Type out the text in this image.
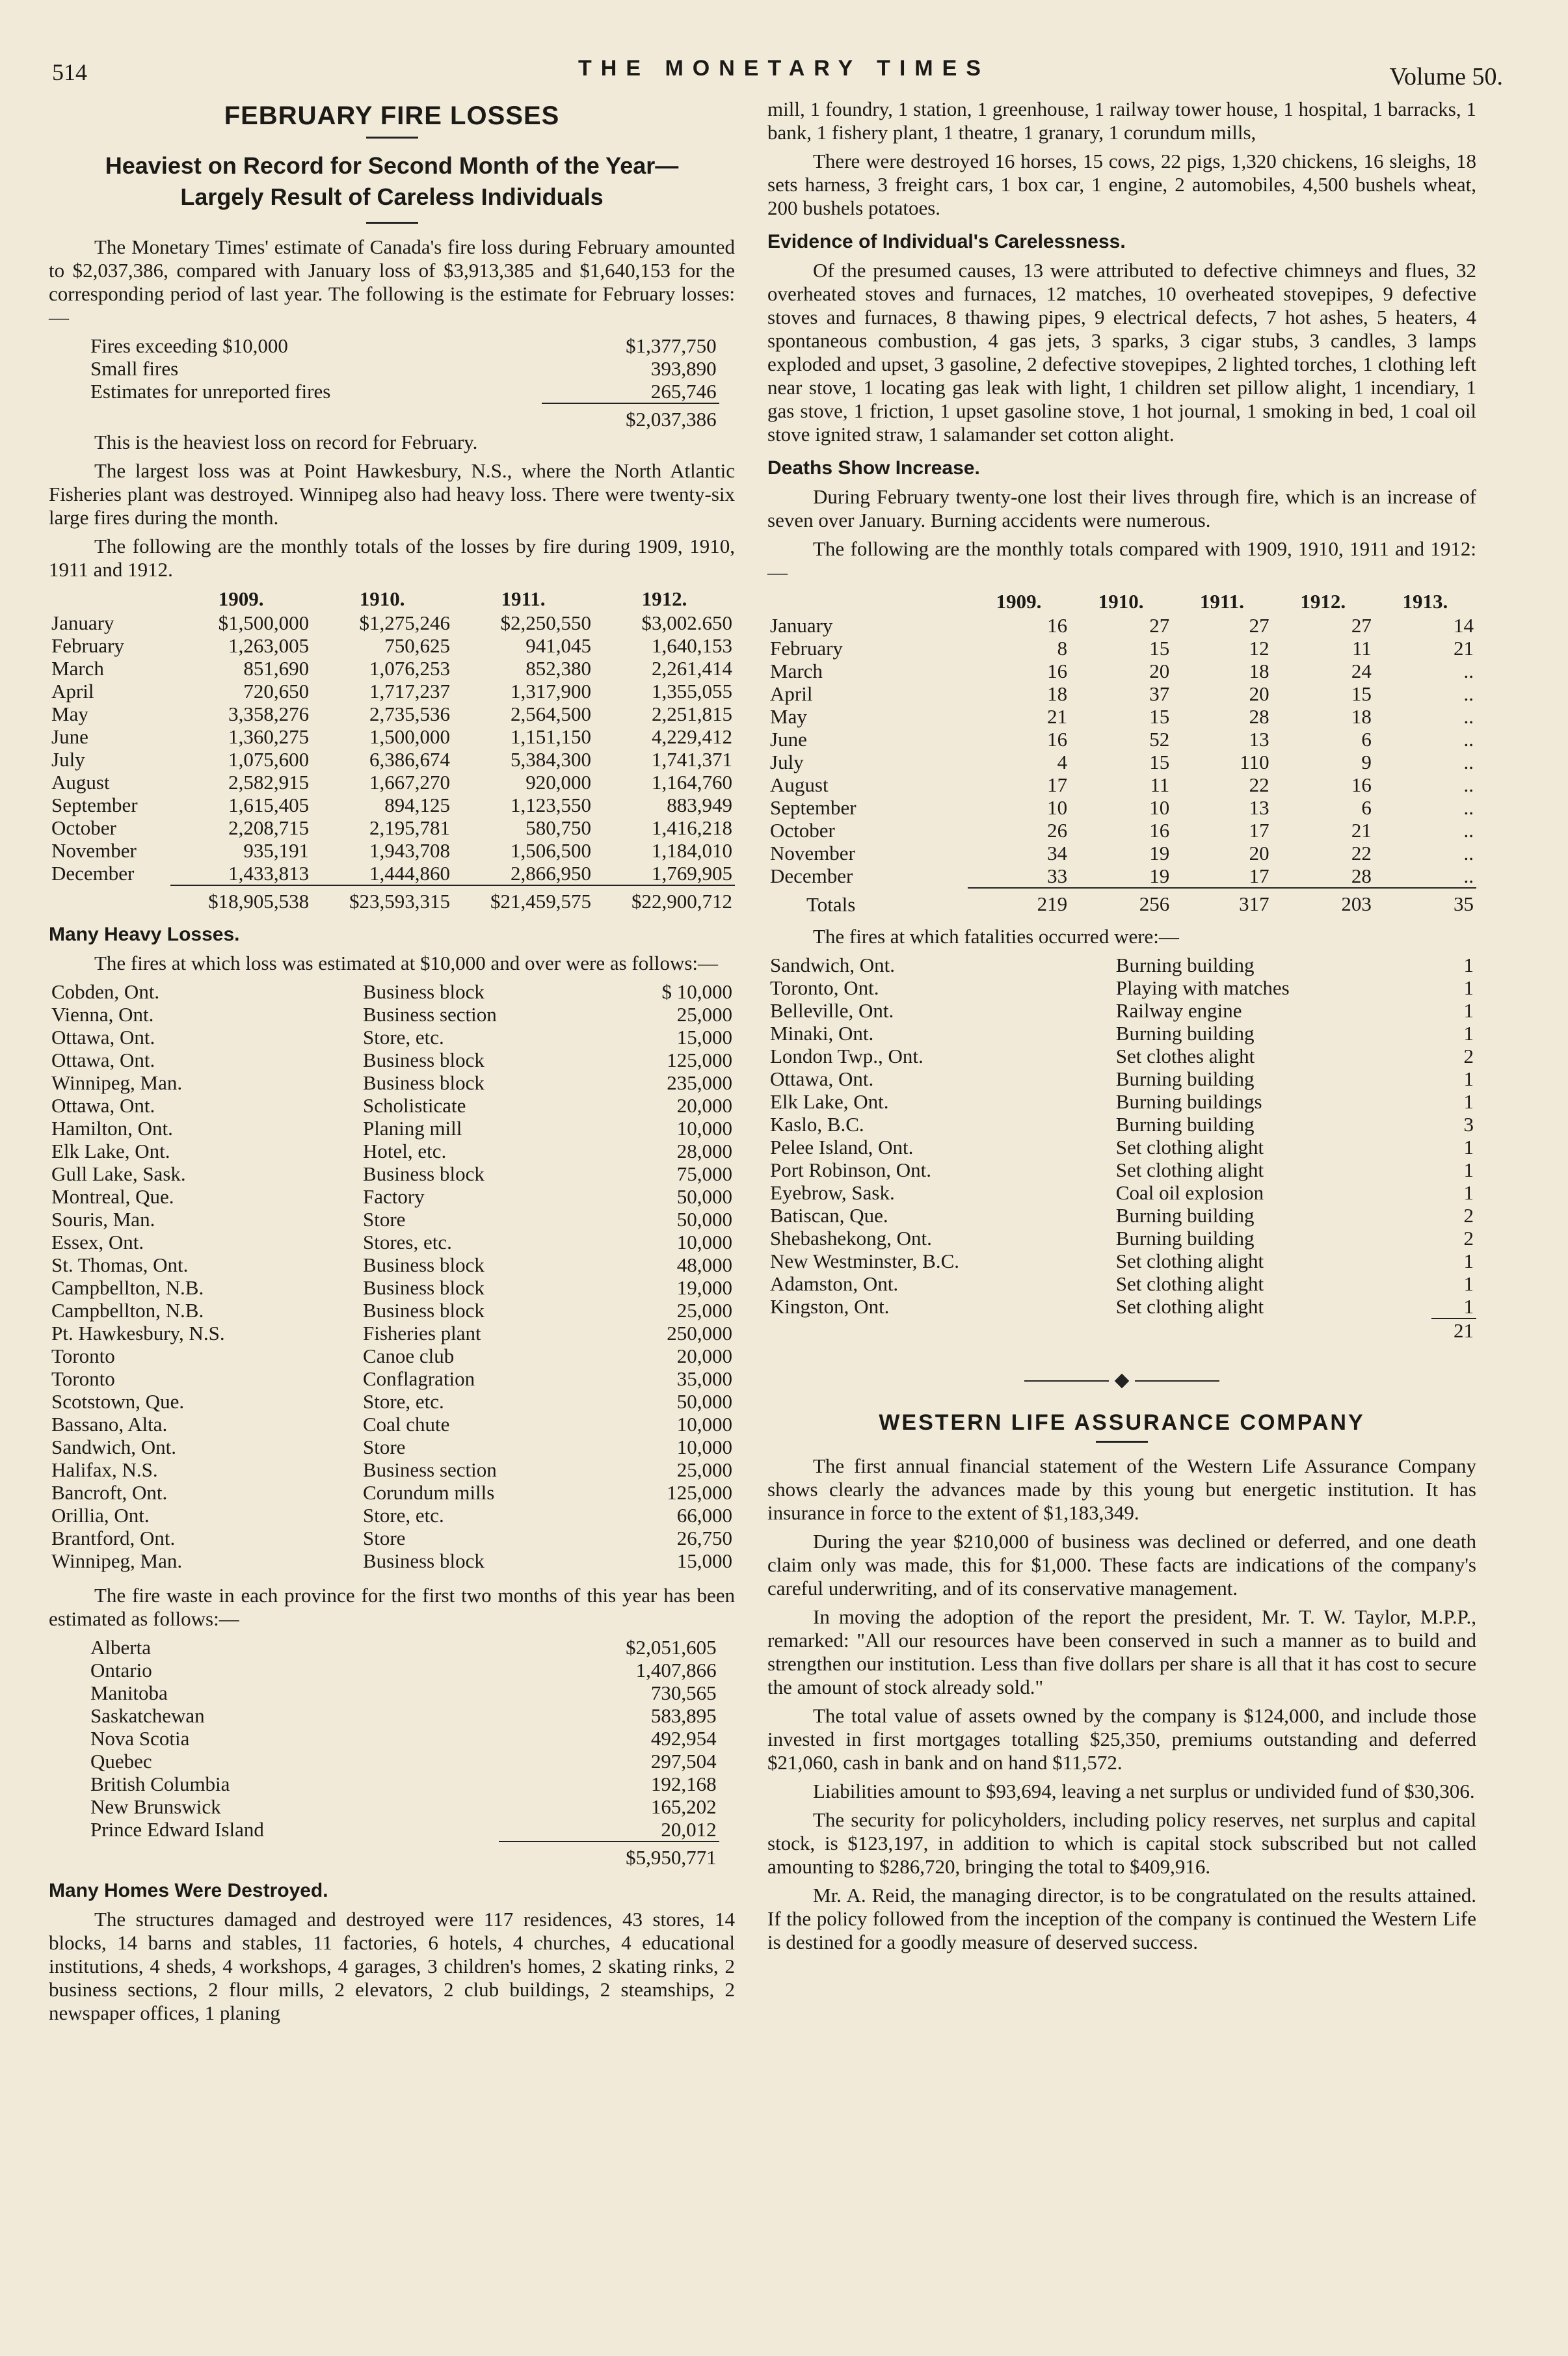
514	THE MONETARY TIMES	Volume 50.
FEBRUARY FIRE LOSSES
Heaviest on Record for Second Month of the Year—
Largely Result of Careless Individuals

The Monetary Times' estimate of Canada's fire loss during February amounted to $2,037,386, compared with January loss of $3,913,385 and $1,640,153 for the corresponding period of last year. The following is the estimate for February losses:—

Fires exceeding $10,000	$1,377,750
Small fires	393,890
Estimates for unreported fires	265,746
	$2,037,386

This is the heaviest loss on record for February.

The largest loss was at Point Hawkesbury, N.S., where the North Atlantic Fisheries plant was destroyed. Winnipeg also had heavy loss. There were twenty-six large fires during the month.

The following are the monthly totals of the losses by fire during 1909, 1910, 1911 and 1912.

	1909.	1910.	1911.	1912.
January	$1,500,000	$1,275,246	$2,250,550	$3,002.650
February	1,263,005	750,625	941,045	1,640,153
March	851,690	1,076,253	852,380	2,261,414
April	720,650	1,717,237	1,317,900	1,355,055
May	3,358,276	2,735,536	2,564,500	2,251,815
June	1,360,275	1,500,000	1,151,150	4,229,412
July	1,075,600	6,386,674	5,384,300	1,741,371
August	2,582,915	1,667,270	920,000	1,164,760
September	1,615,405	894,125	1,123,550	883,949
October	2,208,715	2,195,781	580,750	1,416,218
November	935,191	1,943,708	1,506,500	1,184,010
December	1,433,813	1,444,860	2,866,950	1,769,905
	$18,905,538	$23,593,315	$21,459,575	$22,900,712
Many Heavy Losses.

The fires at which loss was estimated at $10,000 and over were as follows:—

Cobden, Ont.	Business block	$ 10,000
Vienna, Ont.	Business section	25,000
Ottawa, Ont.	Store, etc.	15,000
Ottawa, Ont.	Business block	125,000
Winnipeg, Man.	Business block	235,000
Ottawa, Ont.	Scholisticate	20,000
Hamilton, Ont.	Planing mill	10,000
Elk Lake, Ont.	Hotel, etc.	28,000
Gull Lake, Sask.	Business block	75,000
Montreal, Que.	Factory	50,000
Souris, Man.	Store	50,000
Essex, Ont.	Stores, etc.	10,000
St. Thomas, Ont.	Business block	48,000
Campbellton, N.B.	Business block	19,000
Campbellton, N.B.	Business block	25,000
Pt. Hawkesbury, N.S.	Fisheries plant	250,000
Toronto	Canoe club	20,000
Toronto	Conflagration	35,000
Scotstown, Que.	Store, etc.	50,000
Bassano, Alta.	Coal chute	10,000
Sandwich, Ont.	Store	10,000
Halifax, N.S.	Business section	25,000
Bancroft, Ont.	Corundum mills	125,000
Orillia, Ont.	Store, etc.	66,000
Brantford, Ont.	Store	26,750
Winnipeg, Man.	Business block	15,000

The fire waste in each province for the first two months of this year has been estimated as follows:—

Alberta	$2,051,605
Ontario	1,407,866
Manitoba	730,565
Saskatchewan	583,895
Nova Scotia	492,954
Quebec	297,504
British Columbia	192,168
New Brunswick	165,202
Prince Edward Island	20,012
	$5,950,771
Many Homes Were Destroyed.

The structures damaged and destroyed were 117 residences, 43 stores, 14 blocks, 14 barns and stables, 11 factories, 6 hotels, 4 churches, 4 educational institutions, 4 sheds, 4 workshops, 4 garages, 3 children's homes, 2 skating rinks, 2 business sections, 2 flour mills, 2 elevators, 2 club buildings, 2 steamships, 2 newspaper offices, 1 planing

mill, 1 foundry, 1 station, 1 greenhouse, 1 railway tower house, 1 hospital, 1 barracks, 1 bank, 1 fishery plant, 1 theatre, 1 granary, 1 corundum mills,

There were destroyed 16 horses, 15 cows, 22 pigs, 1,320 chickens, 16 sleighs, 18 sets harness, 3 freight cars, 1 box car, 1 engine, 2 automobiles, 4,500 bushels wheat, 200 bushels potatoes.

Evidence of Individual's Carelessness.

Of the presumed causes, 13 were attributed to defective chimneys and flues, 32 overheated stoves and furnaces, 12 matches, 10 overheated stovepipes, 9 defective stoves and furnaces, 8 thawing pipes, 9 electrical defects, 7 hot ashes, 5 heaters, 4 spontaneous combustion, 4 gas jets, 3 sparks, 3 cigar stubs, 3 candles, 3 lamps exploded and upset, 3 gasoline, 2 defective stovepipes, 2 lighted torches, 1 clothing left near stove, 1 locating gas leak with light, 1 children set pillow alight, 1 incendiary, 1 gas stove, 1 friction, 1 upset gasoline stove, 1 hot journal, 1 smoking in bed, 1 coal oil stove ignited straw, 1 salamander set cotton alight.

Deaths Show Increase.

During February twenty-one lost their lives through fire, which is an increase of seven over January. Burning accidents were numerous.

The following are the monthly totals compared with 1909, 1910, 1911 and 1912:—

	1909.	1910.	1911.	1912.	1913.
January	16	27	27	27	14
February	8	15	12	11	21
March	16	20	18	24	..
April	18	37	20	15	..
May	21	15	28	18	..
June	16	52	13	6	..
July	4	15	110	9	..
August	17	11	22	16	..
September	10	10	13	6	..
October	26	16	17	21	..
November	34	19	20	22	..
December	33	19	17	28	..
Totals	219	256	317	203	35

The fires at which fatalities occurred were:—

Sandwich, Ont.	Burning building	1
Toronto, Ont.	Playing with matches	1
Belleville, Ont.	Railway engine	1
Minaki, Ont.	Burning building	1
London Twp., Ont.	Set clothes alight	2
Ottawa, Ont.	Burning building	1
Elk Lake, Ont.	Burning buildings	1
Kaslo, B.C.	Burning building	3
Pelee Island, Ont.	Set clothing alight	1
Port Robinson, Ont.	Set clothing alight	1
Eyebrow, Sask.	Coal oil explosion	1
Batiscan, Que.	Burning building	2
Shebashekong, Ont.	Burning building	2
New Westminster, B.C.	Set clothing alight	1
Adamston, Ont.	Set clothing alight	1
Kingston, Ont.	Set clothing alight	1
		21
WESTERN LIFE ASSURANCE COMPANY

The first annual financial statement of the Western Life Assurance Company shows clearly the advances made by this young but energetic institution. It has insurance in force to the extent of $1,183,349.

During the year $210,000 of business was declined or deferred, and one death claim only was made, this for $1,000. These facts are indications of the company's careful underwriting, and of its conservative management.

In moving the adoption of the report the president, Mr. T. W. Taylor, M.P.P., remarked: "All our resources have been conserved in such a manner as to build and strengthen our institution. Less than five dollars per share is all that it has cost to secure the amount of stock already sold."

The total value of assets owned by the company is $124,000, and include those invested in first mortgages totalling $25,350, premiums outstanding and deferred $21,060, cash in bank and on hand $11,572.

Liabilities amount to $93,694, leaving a net surplus or undivided fund of $30,306.

The security for policyholders, including policy reserves, net surplus and capital stock, is $123,197, in addition to which is capital stock subscribed but not called amounting to $286,720, bringing the total to $409,916.

Mr. A. Reid, the managing director, is to be congratulated on the results attained. If the policy followed from the inception of the company is continued the Western Life is destined for a goodly measure of deserved success.
